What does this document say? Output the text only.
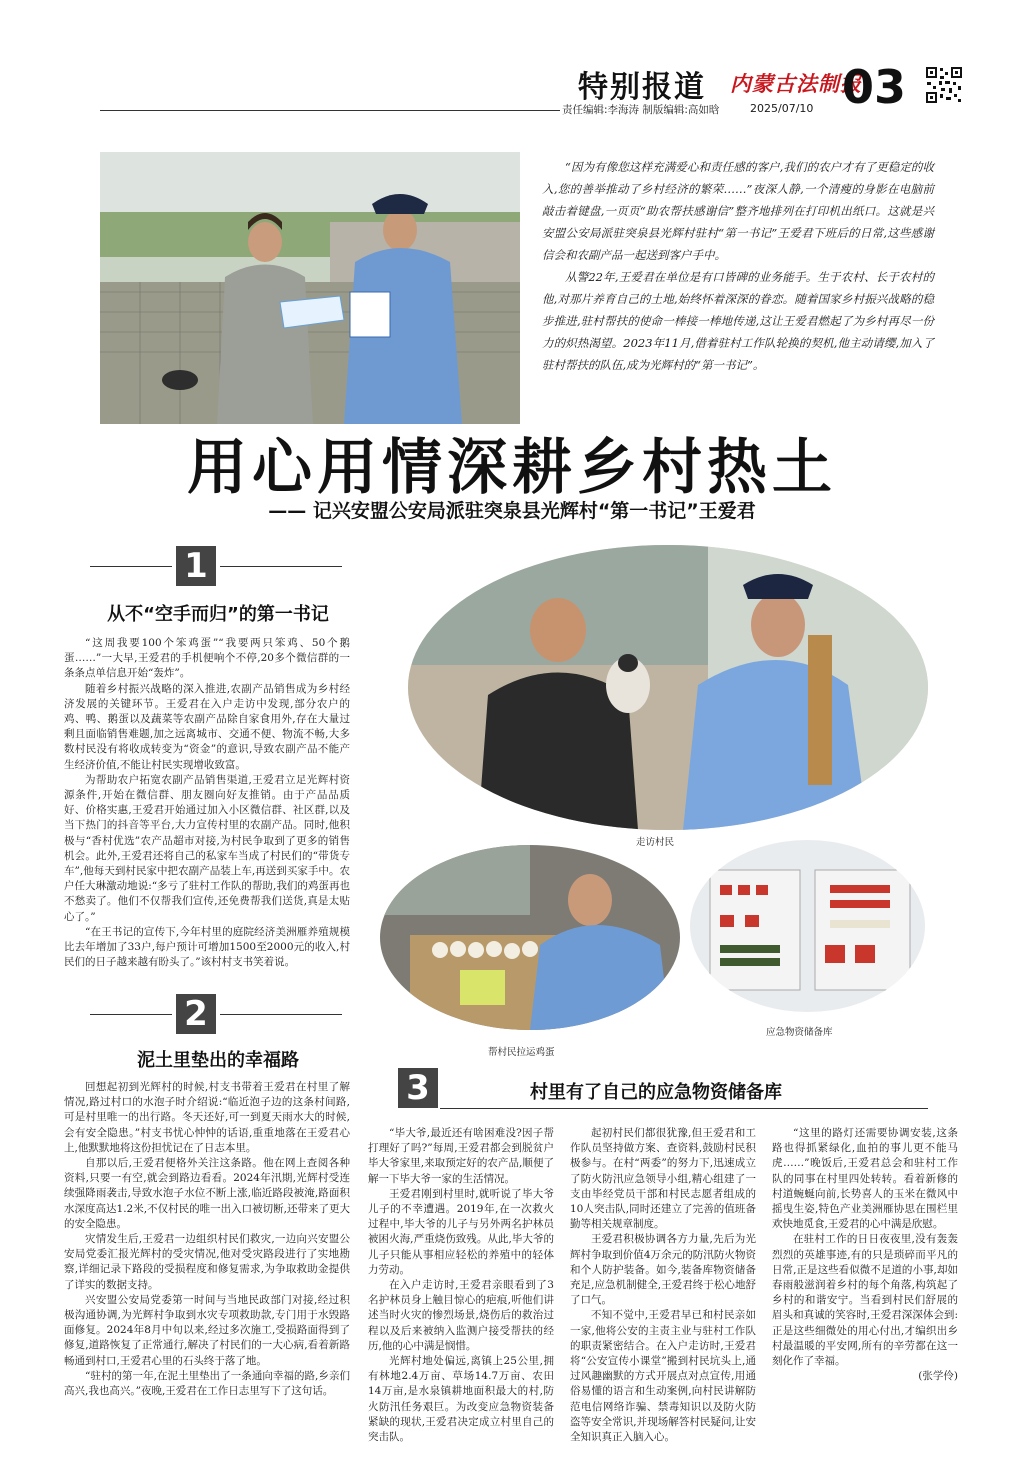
特别报道 内蒙古法制报
03
责任编辑:李海涛 制版编辑:高如晗	2025/07/10

“因为有像您这样充满爱心和责任感的客户,我们的农户才有了更稳定的收入,您的善举推动了乡村经济的繁荣……”夜深人静,一个清瘦的身影在电脑前敲击着键盘,一页页“助农帮扶感谢信”整齐地排列在打印机出纸口。这就是兴安盟公安局派驻突泉县光辉村驻村“第一书记”王爱君下班后的日常,这些感谢信会和农副产品一起送到客户手中。

从警22年,王爱君在单位是有口皆碑的业务能手。生于农村、长于农村的他,对那片养育自己的土地,始终怀着深深的眷恋。随着国家乡村振兴战略的稳步推进,驻村帮扶的使命一棒接一棒地传递,这让王爱君燃起了为乡村再尽一份力的炽热渴望。2023年11月,借着驻村工作队轮换的契机,他主动请缨,加入了驻村帮扶的队伍,成为光辉村的“第一书记”。

用心用情深耕乡村热土
—— 记兴安盟公安局派驻突泉县光辉村“第一书记”王爱君
1
从不“空手而归”的第一书记

“这周我要100个笨鸡蛋”“我要两只笨鸡、50个鹅蛋……”一大早,王爱君的手机便响个不停,20多个微信群的一条条点单信息开始“轰炸”。

随着乡村振兴战略的深入推进,农副产品销售成为乡村经济发展的关键环节。王爱君在入户走访中发现,部分农户的鸡、鸭、鹅蛋以及蔬菜等农副产品除自家食用外,存在大量过剩且面临销售难题,加之远离城市、交通不便、物流不畅,大多数村民没有将收成转变为“资金”的意识,导致农副产品不能产生经济价值,不能让村民实现增收致富。

为帮助农户拓宽农副产品销售渠道,王爱君立足光辉村资源条件,开始在微信群、朋友圈向好友推销。由于产品品质好、价格实惠,王爱君开始通过加入小区微信群、社区群,以及当下热门的抖音等平台,大力宣传村里的农副产品。同时,他积极与“香村优选”农产品超市对接,为村民争取到了更多的销售机会。此外,王爱君还将自己的私家车当成了村民们的“带货专车”,他每天到村民家中把农副产品装上车,再送到买家手中。农户任大琳激动地说:“多亏了驻村工作队的帮助,我们的鸡蛋再也不愁卖了。他们不仅帮我们宣传,还免费帮我们送货,真是太贴心了。”

“在王书记的宣传下,今年村里的庭院经济美洲雁养殖规模比去年增加了33户,每户预计可增加1500至2000元的收入,村民们的日子越来越有盼头了。”该村村支书笑着说。

走访村民
帮村民拉运鸡蛋
应急物资储备库
2
泥土里垫出的幸福路

回想起初到光辉村的时候,村支书带着王爱君在村里了解情况,路过村口的水泡子时介绍说:“临近泡子边的这条村间路,可是村里唯一的出行路。冬天还好,可一到夏天雨水大的时候,会有安全隐患。”村支书忧心忡忡的话语,重重地落在王爱君心上,他默默地将这份担忧记在了日志本里。

自那以后,王爱君便格外关注这条路。他在网上查阅各种资料,只要一有空,就会到路边看看。2024年汛期,光辉村受连续强降雨袭击,导致水泡子水位不断上涨,临近路段被淹,路面积水深度高达1.2米,不仅村民的唯一出入口被切断,还带来了更大的安全隐患。

灾情发生后,王爱君一边组织村民们救灾,一边向兴安盟公安局党委汇报光辉村的受灾情况,他对受灾路段进行了实地勘察,详细记录下路段的受损程度和修复需求,为争取救助金提供了详实的数据支持。

兴安盟公安局党委第一时间与当地民政部门对接,经过积极沟通协调,为光辉村争取到水灾专项救助款,专门用于水毁路面修复。2024年8月中旬以来,经过多次施工,受损路面得到了修复,道路恢复了正常通行,解决了村民们的一大心病,看着新路畅通到村口,王爱君心里的石头终于落了地。

“驻村的第一年,在泥土里垫出了一条通向幸福的路,乡亲们高兴,我也高兴。”夜晚,王爱君在工作日志里写下了这句话。

3	村里有了自己的应急物资储备库

“毕大爷,最近还有啥困难没?因子帮打理好了吗?”每周,王爱君都会到脱贫户毕大爷家里,来取预定好的农产品,顺便了解一下毕大爷一家的生活情况。

王爱君刚到村里时,就听说了毕大爷儿子的不幸遭遇。2019年,在一次救火过程中,毕大爷的儿子与另外两名护林员被困火海,严重烧伤致残。从此,毕大爷的儿子只能从事相应轻松的养殖中的轻体力劳动。

在入户走访时,王爱君亲眼看到了3名护林员身上触目惊心的疤痕,听他们讲述当时火灾的惨烈场景,烧伤后的救治过程以及后来被纳入监测户接受帮扶的经历,他的心中满是悯惜。

光辉村地处偏远,离镇上25公里,拥有林地2.4万亩、草场14.7万亩、农田14万亩,是水泉镇耕地面积最大的村,防火防汛任务艰巨。为改变应急物资装备紧缺的现状,王爱君决定成立村里自己的突击队。

起初村民们都很犹豫,但王爱君和工作队员坚持做方案、查资料,鼓励村民积极参与。在村“两委”的努力下,迅速成立了防火防汛应急领导小组,精心组建了一支由毕经党员干部和村民志愿者组成的10人突击队,同时还建立了完善的值班备勤等相关规章制度。

王爱君积极协调各方力量,先后为光辉村争取到价值4万余元的防汛防火物资和个人防护装备。如今,装备库物资储备充足,应急机制健全,王爱君终于松心地舒了口气。

不知不觉中,王爱君早已和村民亲如一家,他将公安的主责主业与驻村工作队的职责紧密结合。在入户走访时,王爱君将“公安宣传小课堂”搬到村民坑头上,通过风趣幽默的方式开展点对点宣传,用通俗易懂的语言和生动案例,向村民讲解防范电信网络诈骗、禁毒知识以及防火防盗等安全常识,并现场解答村民疑问,让安全知识真正入脑入心。

“这里的路灯还需要协调安装,这条路也得抓紧绿化,血拍的事儿更不能马虎……”晚饭后,王爱君总会和驻村工作队的同事在村里四处转转。看着新修的村道蜿蜒向前,长势喜人的玉米在微风中摇曳生姿,特色产业美洲雁协思在围栏里欢快地觅食,王爱君的心中满是欣慰。

在驻村工作的日日夜夜里,没有轰轰烈烈的英雄事迹,有的只是琐碎而平凡的日常,正是这些看似微不足道的小事,却如春雨般滋润着乡村的每个角落,构筑起了乡村的和谐安宁。当看到村民们舒展的眉头和真诚的笑容时,王爱君深深体会到:正是这些细微处的用心付出,才编织出乡村最温暖的平安网,所有的辛劳都在这一刻化作了幸福。

(张学伶)
